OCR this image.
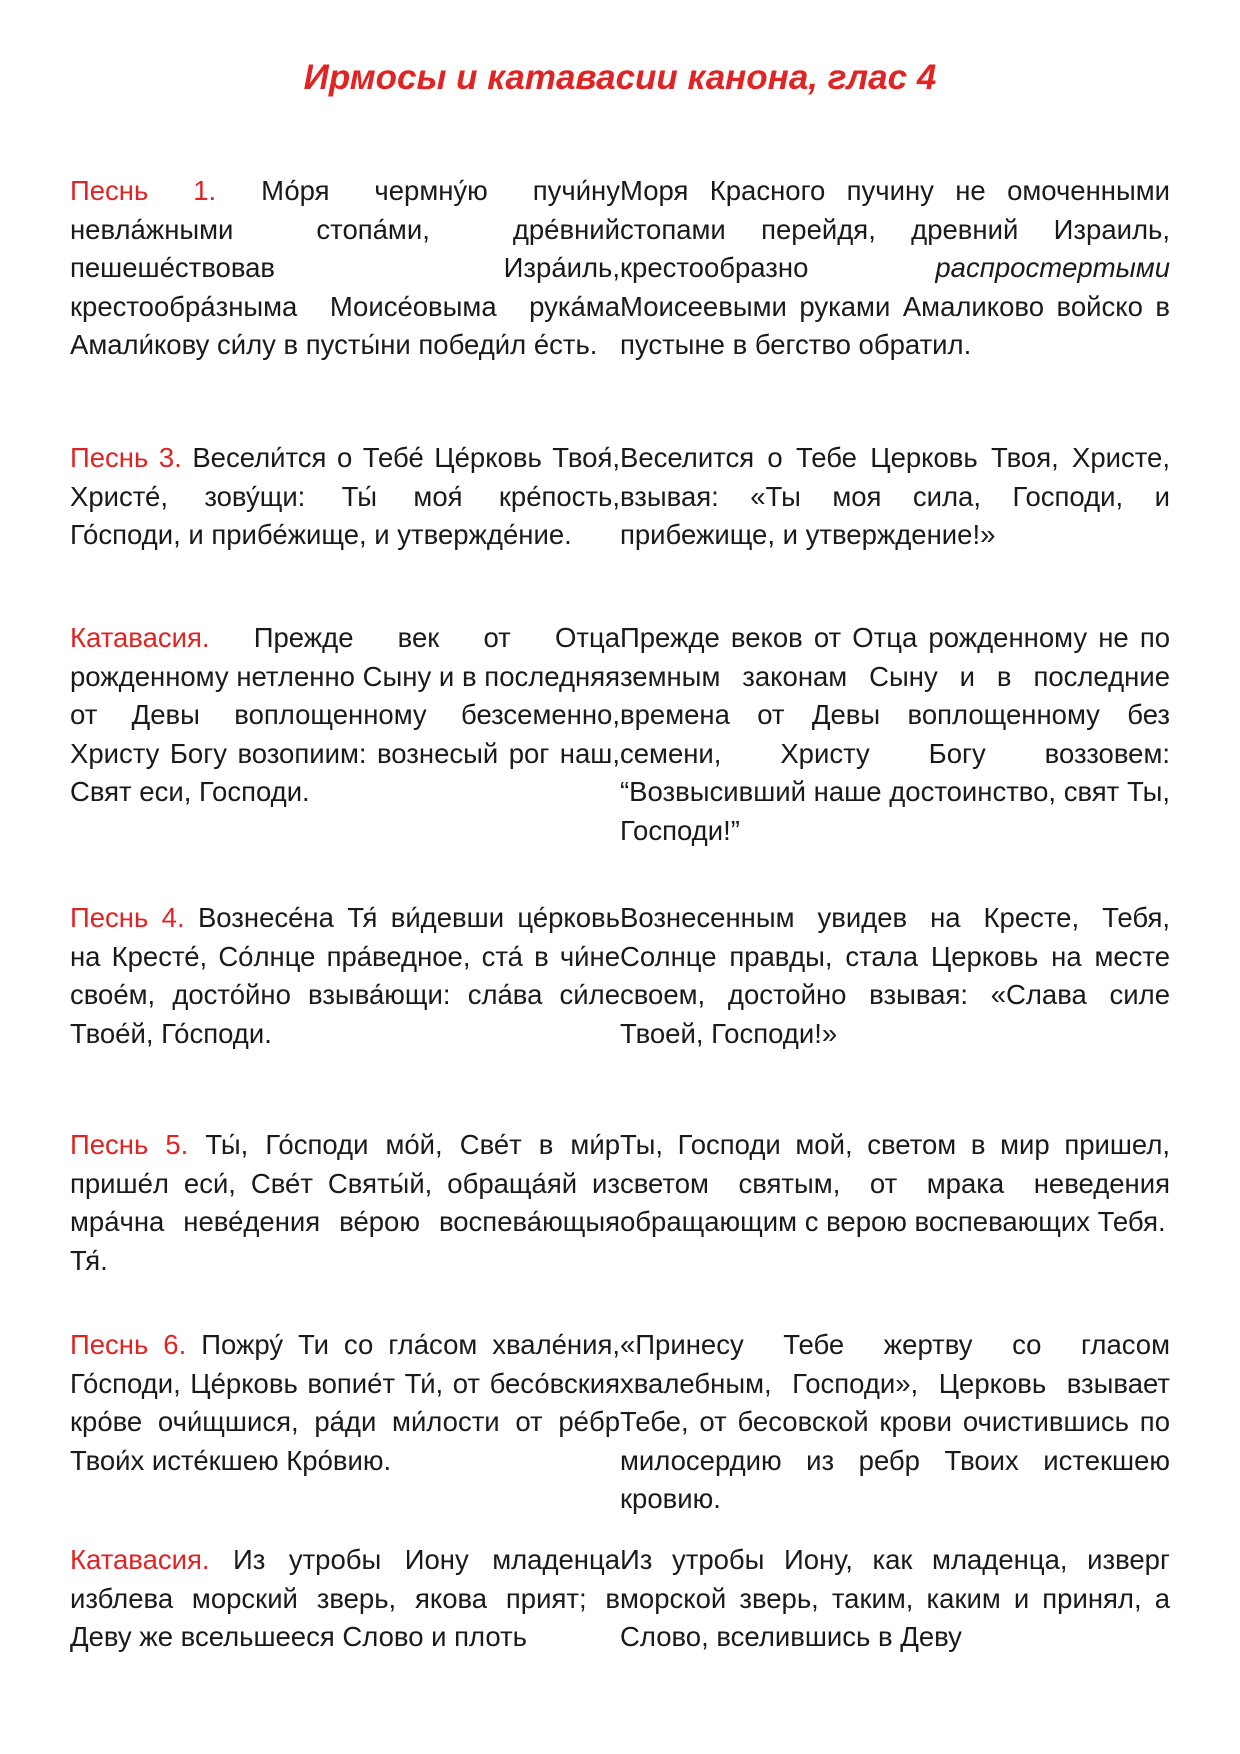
Ирмосы и катавасии канона, глас 4

Песнь 1. Мо́ря чермну́ю пучи́ну невла́жными стопа́ми, дре́вний пешеше́ствовав Изра́иль, крестообра́зныма Моисе́овыма рука́ма Амали́кову си́лу в пусты́ни победи́л е́сть.

Моря Красного пучину не омоченными стопами перейдя, древний Израиль, крестообразно распростертыми Моисеевыми руками Амаликово войско в пустыне в бегство обратил.

Песнь 3. Весели́тся о Тебе́ Це́рковь Твоя́, Христе́, зову́щи: Ты́ моя́ кре́пость, Го́споди, и прибе́жище, и утвержде́ние.

Веселится о Тебе Церковь Твоя, Христе, взывая: «Ты моя сила, Господи, и прибежище, и утверждение!»

Катавасия. Прежде век от Отца рожденному нетленно Сыну и в последняя от Девы воплощенному безсеменно, Христу Богу возопиим: вознесый рог наш, Свят еси, Господи.

Прежде веков от Отца рожденному не по земным законам Сыну и в последние времена от Девы воплощенному без семени, Христу Богу воззовем: “Возвысивший наше достоинство, свят Ты, Господи!”

Песнь 4. Вознесе́на Тя́ ви́девши це́рковь на Кресте́, Со́лнце пра́ведное, ста́ в чи́не свое́м, досто́йно взыва́ющи: сла́ва си́ле Твое́й, Го́споди.

Вознесенным увидев на Кресте, Тебя, Солнце правды, стала Церковь на месте своем, достойно взывая: «Слава силе Твоей, Господи!»

Песнь 5. Ты́, Го́споди мо́й, Све́т в ми́р прише́л еси́, Све́т Святы́й, обраща́яй из мра́чна неве́дения ве́рою воспева́ющыя Тя́.

Ты, Господи мой, светом в мир пришел, светом святым, от мрака неведения обращающим с верою воспевающих Тебя.

Песнь 6. Пожру́ Ти со гла́сом хвале́ния, Го́споди, Це́рковь вопие́т Ти́, от бесо́вския кро́ве очи́щшися, ра́ди ми́лости от ре́бр Твои́х исте́кшею Кро́вию.

«Принесу Тебе жертву со гласом хвалебным, Господи», Церковь взывает Тебе, от бесовской крови очистившись по милосердию из ребр Твоих истекшею кровию.

Катавасия. Из утробы Иону младенца изблева морский зверь, якова прият; в Деву же всельшееся Слово и плоть

Из утробы Иону, как младенца, изверг морской зверь, таким, каким и принял, а Слово, вселившись в Деву
